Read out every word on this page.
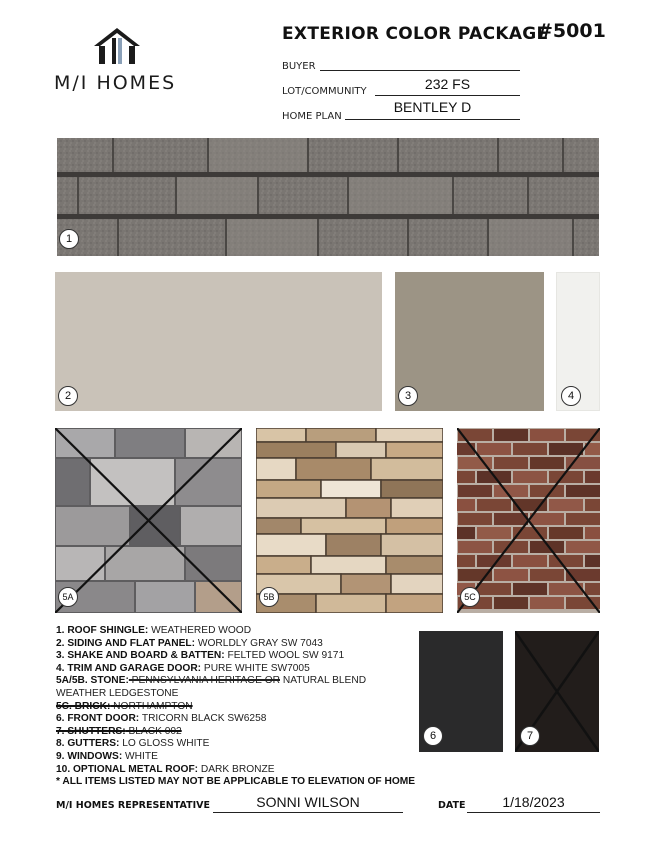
M/I HOMES
EXTERIOR COLOR PACKAGE
#5001
BUYER
LOT/COMMUNITY	232 FS
HOME PLAN
BENTLEY D
1
2	3	4
5A	5B	5C
1. ROOF SHINGLE: WEATHERED WOOD
2. SIDING AND FLAT PANEL: WORLDLY GRAY SW 7043
3. SHAKE AND BOARD & BATTEN: FELTED WOOL SW 9171
4. TRIM AND GARAGE DOOR: PURE WHITE SW7005
5A/5B. STONE: PENNSYLVANIA HERITAGE OR NATURAL BLEND
WEATHER LEDGESTONE
5C. BRICK: NORTHAMPTON
6. FRONT DOOR: TRICORN BLACK SW6258
7. SHUTTERS: BLACK 002
8. GUTTERS: LO GLOSS WHITE
9. WINDOWS: WHITE
10. OPTIONAL METAL ROOF: DARK BRONZE
* ALL ITEMS LISTED MAY NOT BE APPLICABLE TO ELEVATION OF HOME
6	7
M/I HOMES REPRESENTATIVE	SONNI WILSON	DATE	1/18/2023
